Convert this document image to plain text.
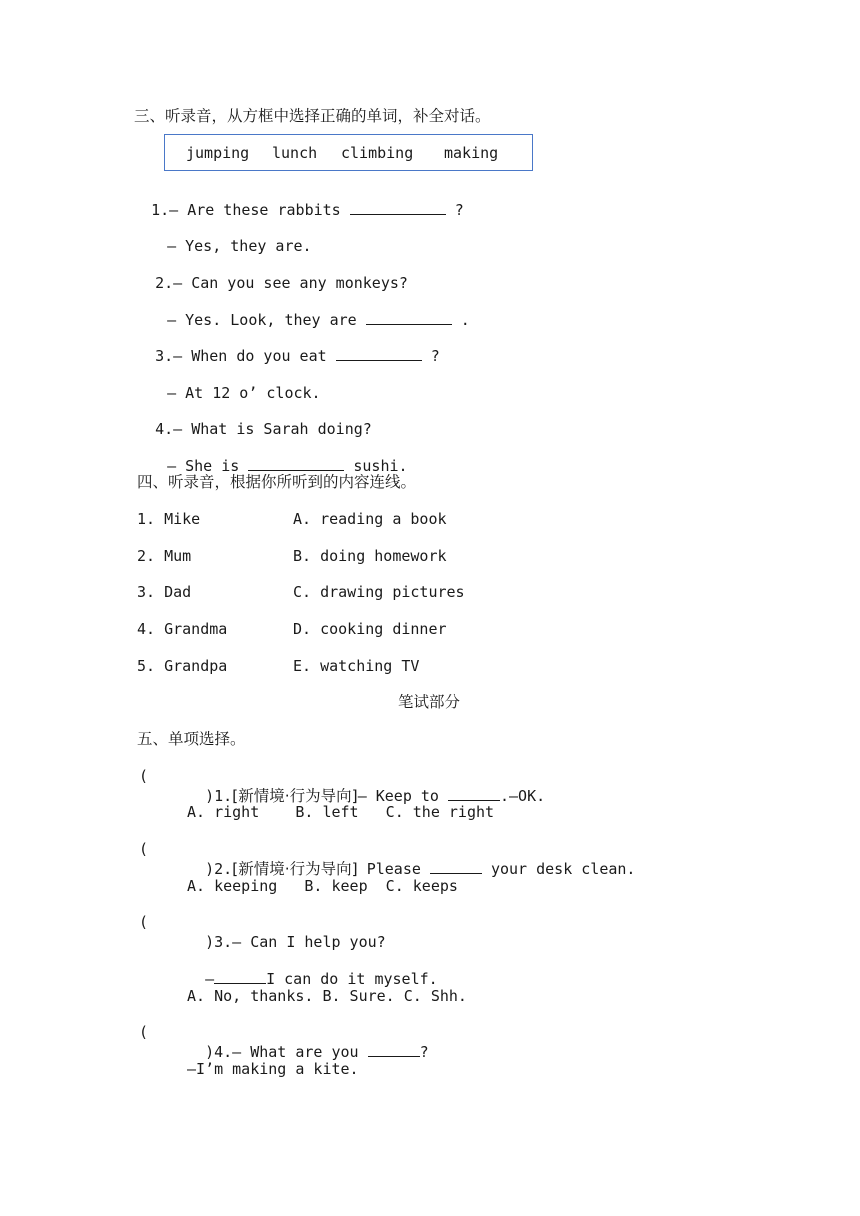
三、听录音，从方框中选择正确的单词，补全对话。
jumping lunch climbing making

1.— Are these rabbits	?

— Yes, they are.

2.— Can you see any monkeys?

— Yes. Look, they are	.

3.— When do you eat	?

— At 12 o’ clock.

4.— What is Sarah doing?

— She is	sushi.

四、听录音，根据你所听到的内容连线。
1. Mike	A. reading a book
2. Mum	B. doing homework
3. Dad	C. drawing pictures
4. Grandma	D. cooking dinner
5. Grandpa	E. watching TV
笔试部分
五、单项选择。
(

)1.[新情境·行为导向]— Keep to	.—OK.

A. right    B. left   C. the right
(

)2.[新情境·行为导向] Please	your desk clean.

A. keeping   B. keep  C. keeps
(

)3.— Can I help you?

—	I can do it myself.

A. No, thanks. B. Sure. C. Shh.
(

)4.— What are you	?

—I’m making a kite.
